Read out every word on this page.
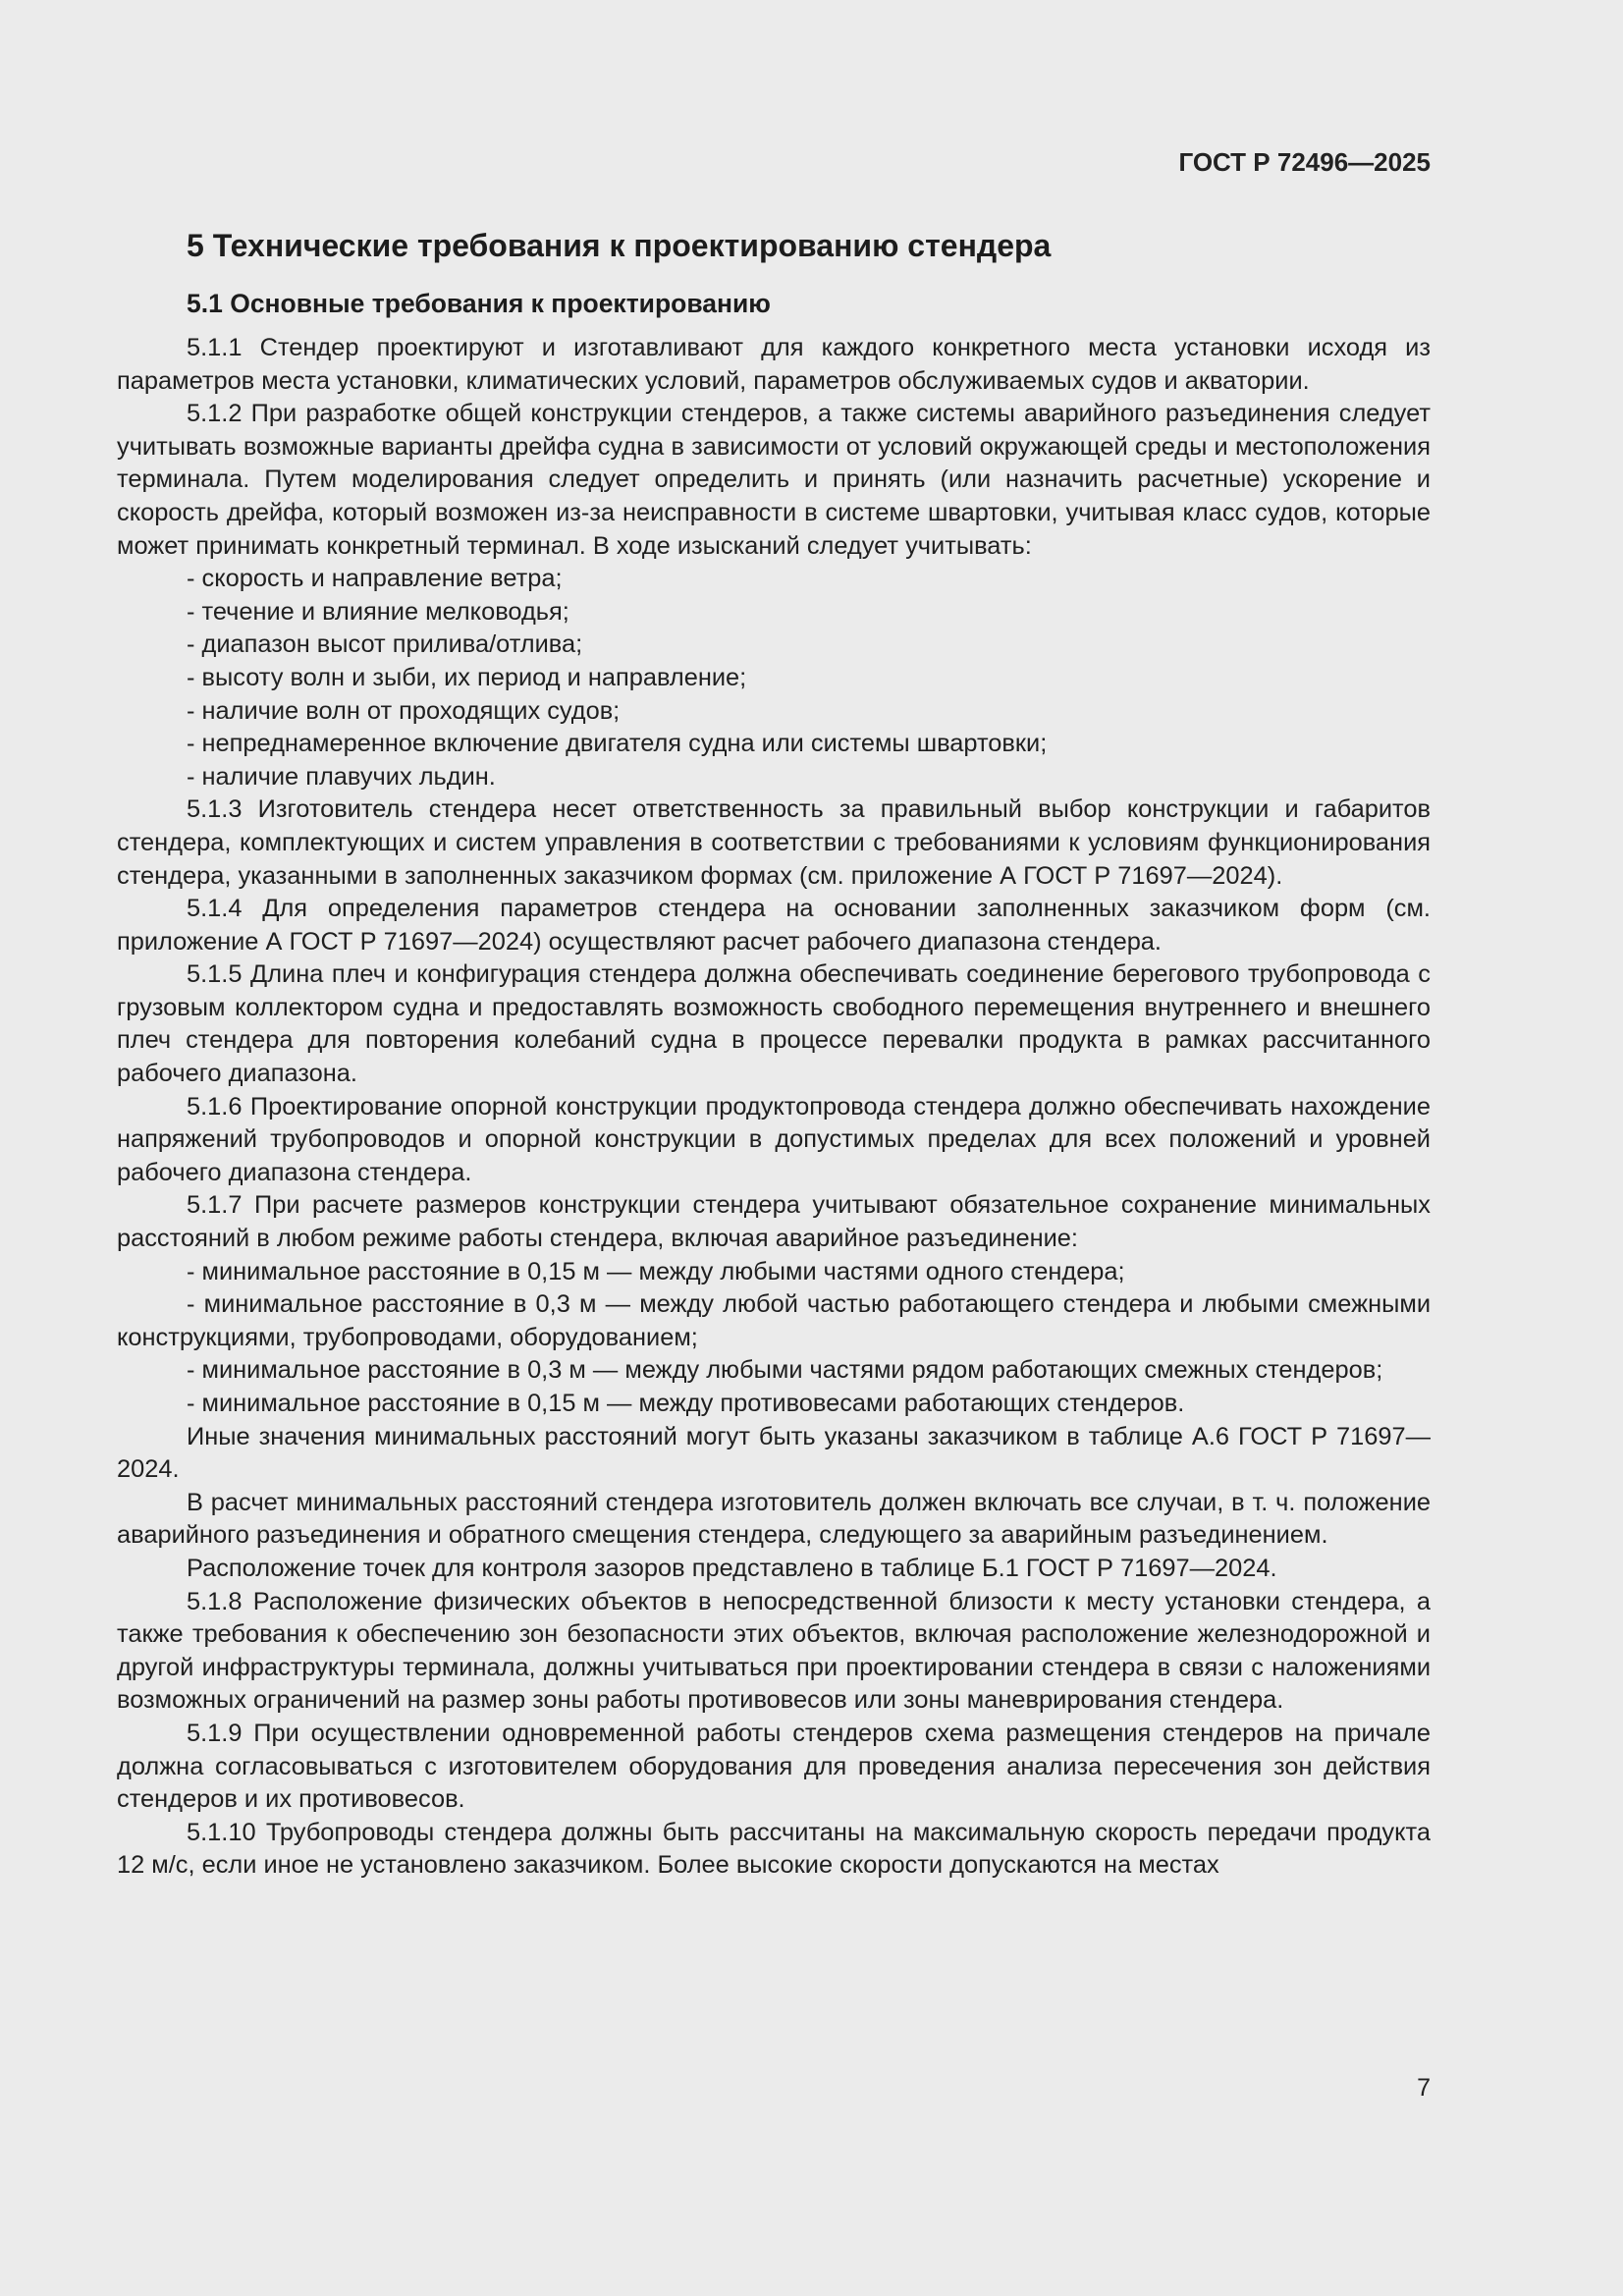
ГОСТ Р 72496—2025
5 Технические требования к проектированию стендера
5.1 Основные требования к проектированию

5.1.1 Стендер проектируют и изготавливают для каждого конкретного места установки исходя из параметров места установки, климатических условий, параметров обслуживаемых судов и акватории.

5.1.2 При разработке общей конструкции стендеров, а также системы аварийного разъединения следует учитывать возможные варианты дрейфа судна в зависимости от условий окружающей среды и местоположения терминала. Путем моделирования следует определить и принять (или назначить расчетные) ускорение и скорость дрейфа, который возможен из-за неисправности в системе швартовки, учитывая класс судов, которые может принимать конкретный терминал. В ходе изысканий следует учитывать:

- скорость и направление ветра;

- течение и влияние мелководья;

- диапазон высот прилива/отлива;

- высоту волн и зыби, их период и направление;

- наличие волн от проходящих судов;

- непреднамеренное включение двигателя судна или системы швартовки;

- наличие плавучих льдин.

5.1.3 Изготовитель стендера несет ответственность за правильный выбор конструкции и габаритов стендера, комплектующих и систем управления в соответствии с требованиями к условиям функционирования стендера, указанными в заполненных заказчиком формах (см. приложение А ГОСТ Р 71697—2024).

5.1.4 Для определения параметров стендера на основании заполненных заказчиком форм (см. приложение А ГОСТ Р 71697—2024) осуществляют расчет рабочего диапазона стендера.

5.1.5 Длина плеч и конфигурация стендера должна обеспечивать соединение берегового трубопровода с грузовым коллектором судна и предоставлять возможность свободного перемещения внутреннего и внешнего плеч стендера для повторения колебаний судна в процессе перевалки продукта в рамках рассчитанного рабочего диапазона.

5.1.6 Проектирование опорной конструкции продуктопровода стендера должно обеспечивать нахождение напряжений трубопроводов и опорной конструкции в допустимых пределах для всех положений и уровней рабочего диапазона стендера.

5.1.7 При расчете размеров конструкции стендера учитывают обязательное сохранение минимальных расстояний в любом режиме работы стендера, включая аварийное разъединение:

- минимальное расстояние в 0,15 м — между любыми частями одного стендера;

- минимальное расстояние в 0,3 м — между любой частью работающего стендера и любыми смежными конструкциями, трубопроводами, оборудованием;

- минимальное расстояние в 0,3 м — между любыми частями рядом работающих смежных стендеров;

- минимальное расстояние в 0,15 м — между противовесами работающих стендеров.

Иные значения минимальных расстояний могут быть указаны заказчиком в таблице А.6 ГОСТ Р 71697—2024.

В расчет минимальных расстояний стендера изготовитель должен включать все случаи, в т. ч. положение аварийного разъединения и обратного смещения стендера, следующего за аварийным разъединением.

Расположение точек для контроля зазоров представлено в таблице Б.1 ГОСТ Р 71697—2024.

5.1.8 Расположение физических объектов в непосредственной близости к месту установки стендера, а также требования к обеспечению зон безопасности этих объектов, включая расположение железнодорожной и другой инфраструктуры терминала, должны учитываться при проектировании стендера в связи с наложениями возможных ограничений на размер зоны работы противовесов или зоны маневрирования стендера.

5.1.9 При осуществлении одновременной работы стендеров схема размещения стендеров на причале должна согласовываться с изготовителем оборудования для проведения анализа пересечения зон действия стендеров и их противовесов.

5.1.10 Трубопроводы стендера должны быть рассчитаны на максимальную скорость передачи продукта 12 м/с, если иное не установлено заказчиком. Более высокие скорости допускаются на местах

7
